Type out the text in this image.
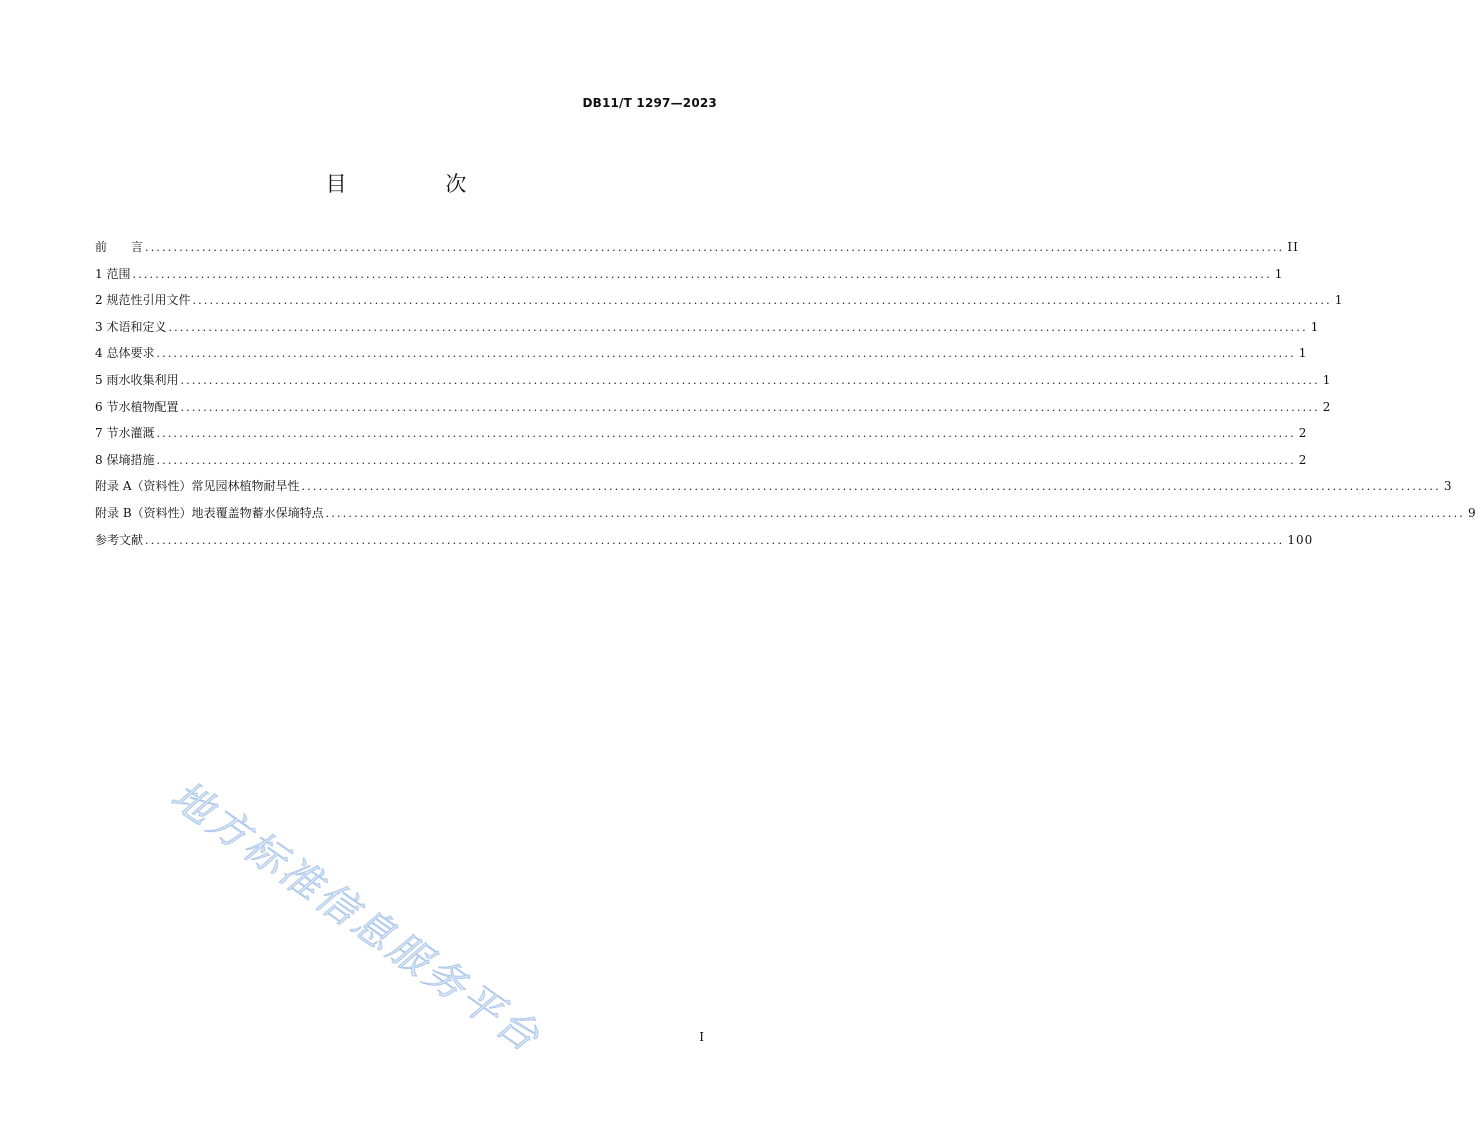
DB11/T 1297—2023
目 次
前　　言 ........................................................................................................................................................................................................ II
1 范围 ........................................................................................................................................................................................................ 1
2 规范性引用文件 ........................................................................................................................................................................................................ 1
3 术语和定义 ........................................................................................................................................................................................................ 1
4 总体要求 ........................................................................................................................................................................................................ 1
5 雨水收集利用 ........................................................................................................................................................................................................ 1
6 节水植物配置 ........................................................................................................................................................................................................ 2
7 节水灌溉 ........................................................................................................................................................................................................ 2
8 保墒措施 ........................................................................................................................................................................................................ 2
附录 A（资料性）常见园林植物耐旱性 ........................................................................................................................................................................................................ 3
附录 B（资料性）地表覆盖物蓄水保墒特点 ........................................................................................................................................................................................................ 9
参考文献 ........................................................................................................................................................................................................ 100
地方标准信息服务平台	I
